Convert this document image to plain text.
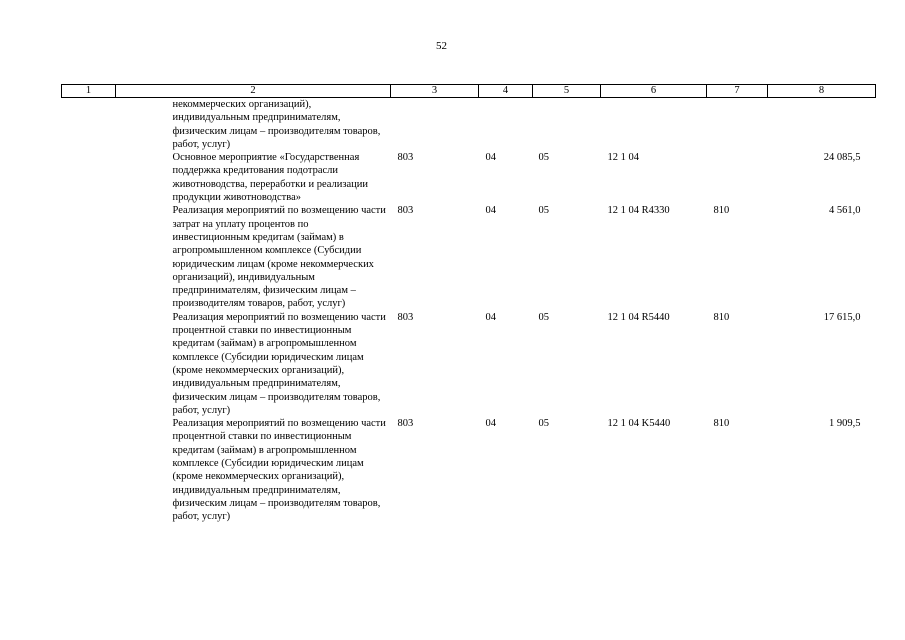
52
1	2	3	4	5	6	7	8
	некоммерческих организаций), индивидуальным предпринимателям, физическим лицам – производителям товаров, работ, услуг)						
	Основное мероприятие «Государственная поддержка кредитования подотрасли животноводства, переработки и реализации продукции животноводства»	803	04	05	12 1 04		24 085,5
	Реализация мероприятий по возмещению части затрат на уплату процентов по инвестиционным кредитам (займам) в агропромышленном комплексе (Субсидии юридическим лицам (кроме некоммерческих организаций), индивидуальным предпринимателям, физическим лицам – производителям товаров, работ, услуг)	803	04	05	12 1 04 R4330	810	4 561,0
	Реализация мероприятий по возмещению части процентной ставки по инвестиционным кредитам (займам) в агропромышленном комплексе (Субсидии юридическим лицам (кроме некоммерческих организаций), индивидуальным предпринимателям, физическим лицам – производителям товаров, работ, услуг)	803	04	05	12 1 04 R5440	810	17 615,0
	Реализация мероприятий по возмещению части процентной ставки по инвестиционным кредитам (займам) в агропромышленном комплексе (Субсидии юридическим лицам (кроме некоммерческих организаций), индивидуальным предпринимателям, физическим лицам – производителям товаров, работ, услуг)	803	04	05	12 1 04 K5440	810	1 909,5
